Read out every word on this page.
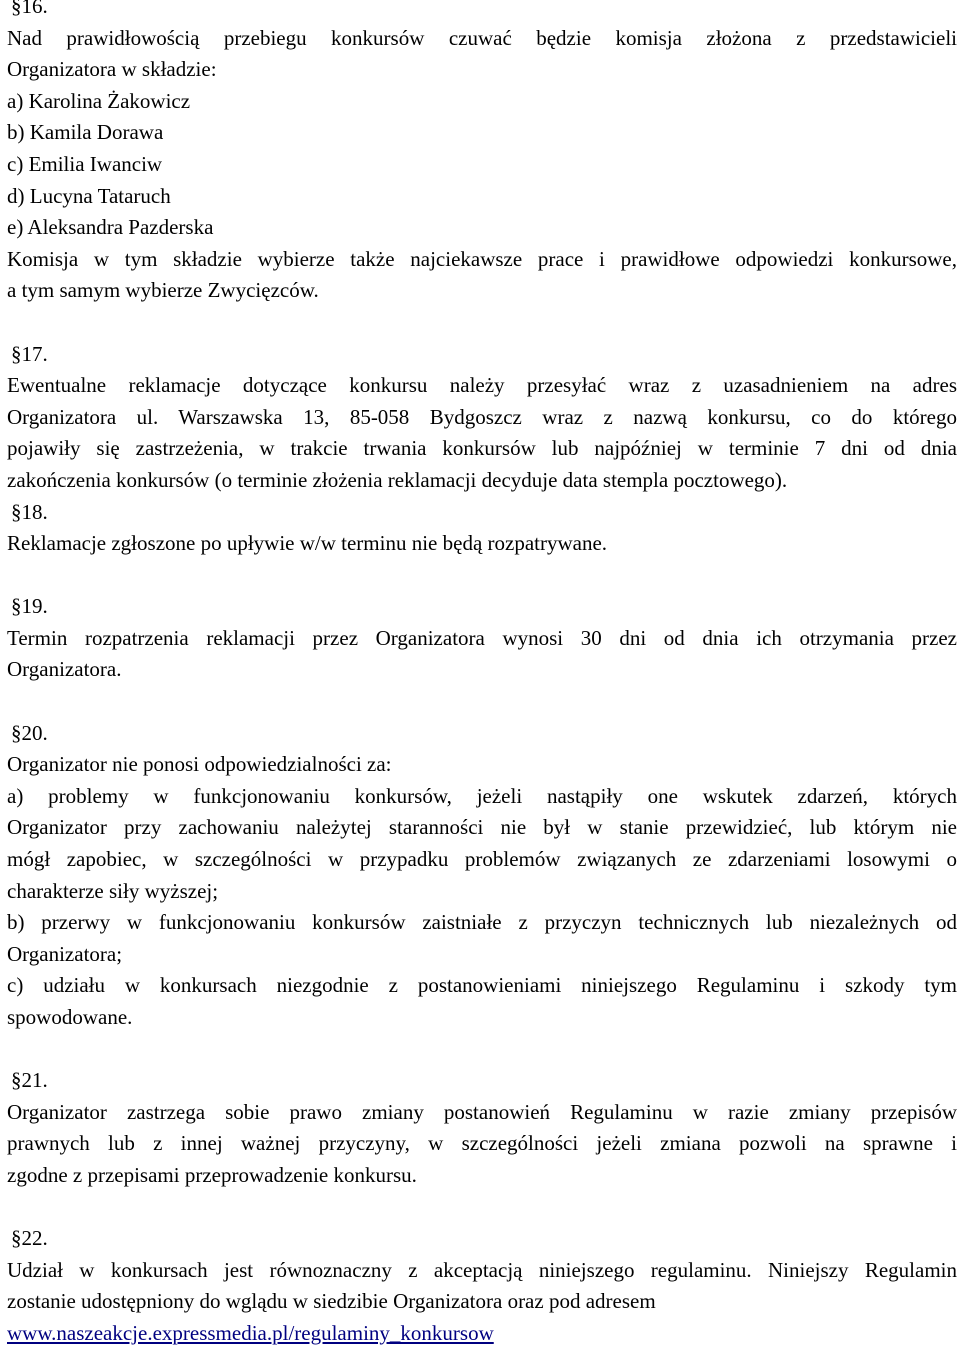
§16.
Nad prawidłowością przebiegu konkursów czuwać będzie komisja złożona z przedstawicieli
Organizatora w składzie:
a) Karolina Żakowicz
b) Kamila Dorawa
c) Emilia Iwanciw
d) Lucyna Tataruch
e) Aleksandra Pazderska
Komisja w tym składzie wybierze także najciekawsze prace i prawidłowe odpowiedzi konkursowe,
a tym samym wybierze Zwycięzców.
§17.
Ewentualne reklamacje dotyczące konkursu należy przesyłać wraz z uzasadnieniem na adres
Organizatora ul. Warszawska 13, 85-058 Bydgoszcz wraz z nazwą konkursu, co do którego
pojawiły się zastrzeżenia, w trakcie trwania konkursów lub najpóźniej w terminie 7 dni od dnia
zakończenia konkursów (o terminie złożenia reklamacji decyduje data stempla pocztowego).
§18.
Reklamacje zgłoszone po upływie w/w terminu nie będą rozpatrywane.
§19.
Termin rozpatrzenia reklamacji przez Organizatora wynosi 30 dni od dnia ich otrzymania przez
Organizatora.
§20.
Organizator nie ponosi odpowiedzialności za:
a) problemy w funkcjonowaniu konkursów, jeżeli nastąpiły one wskutek zdarzeń, których
Organizator przy zachowaniu należytej staranności nie był w stanie przewidzieć, lub którym nie
mógł zapobiec, w szczególności w przypadku problemów związanych ze zdarzeniami losowymi o
charakterze siły wyższej;
b) przerwy w funkcjonowaniu konkursów zaistniałe z przyczyn technicznych lub niezależnych od
Organizatora;
c) udziału w konkursach niezgodnie z postanowieniami niniejszego Regulaminu i szkody tym
spowodowane.
§21.
Organizator zastrzega sobie prawo zmiany postanowień Regulaminu w razie zmiany przepisów
prawnych lub z innej ważnej przyczyny, w szczególności jeżeli zmiana pozwoli na sprawne i
zgodne z przepisami przeprowadzenie konkursu.
§22.
Udział w konkursach jest równoznaczny z akceptacją niniejszego regulaminu. Niniejszy Regulamin
zostanie udostępniony do wglądu w siedzibie Organizatora oraz pod adresem
www.naszeakcje.expressmedia.pl/regulaminy_konkursow
